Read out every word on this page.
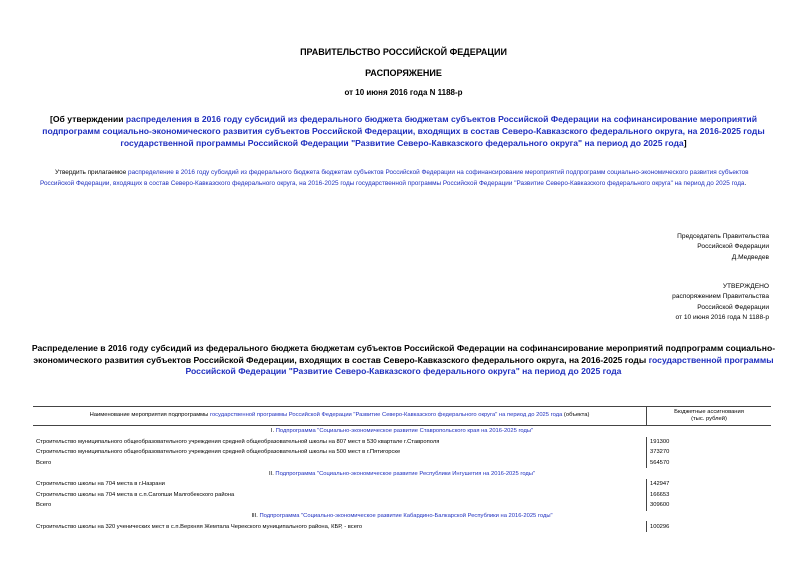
ПРАВИТЕЛЬСТВО РОССИЙСКОЙ ФЕДЕРАЦИИ
РАСПОРЯЖЕНИЕ
от 10 июня 2016 года N 1188-р
[Об утверждении распределения в 2016 году субсидий из федерального бюджета бюджетам субъектов Российской Федерации на софинансирование мероприятий подпрограмм социально-экономического развития субъектов Российской Федерации, входящих в состав Северо-Кавказского федерального округа, на 2016-2025 годы государственной программы Российской Федерации "Развитие Северо-Кавказского федерального округа" на период до 2025 года]
Утвердить прилагаемое распределение в 2016 году субсидий из федерального бюджета бюджетам субъектов Российской Федерации на софинансирование мероприятий подпрограмм социально-экономического развития субъектов Российской Федерации, входящих в состав Северо-Кавказского федерального округа, на 2016-2025 годы государственной программы Российской Федерации "Развитие Северо-Кавказского федерального округа" на период до 2025 года.
Председатель Правительства
Российской Федерации
Д.Медведев
УТВЕРЖДЕНО
распоряжением Правительства
Российской Федерации
от 10 июня 2016 года N 1188-р
Распределение в 2016 году субсидий из федерального бюджета бюджетам субъектов Российской Федерации на софинансирование мероприятий подпрограмм социально-экономического развития субъектов Российской Федерации, входящих в состав Северо-Кавказского федерального округа, на 2016-2025 годы государственной программы Российской Федерации "Развитие Северо-Кавказского федерального округа" на период до 2025 года
Наименование мероприятия подпрограммы государственной программы Российской Федерации "Развитие Северо-Кавказского федерального округа" на период до 2025 года (объекта)	Бюджетные ассигнования
(тыс. рублей)

I. Подпрограмма "Социально-экономическое развитие Ставропольского края на 2016-2025 годы"	
Строительство муниципального общеобразовательного учреждения средней общеобразовательной школы на 807 мест в 530 квартале г.Ставрополя	191300
Строительство муниципального общеобразовательного учреждения средней общеобразовательной школы на 500 мест в г.Пятигорске	373270
Всего	564570
II. Подпрограмма "Социально-экономическое развитие Республики Ингушетия на 2016-2025 годы"	
Строительство школы на 704 места в г.Назрани	142947
Строительство школы на 704 места в с.п.Сагопши Малгобекского района	166653
Всего	309600
III. Подпрограмма "Социально-экономическое развитие Кабардино-Балкарской Республики на 2016-2025 годы"	
Строительство школы на 320 ученических мест в с.п.Верхняя Жемтала Черекского муниципального района, КБР, - всего	100296
